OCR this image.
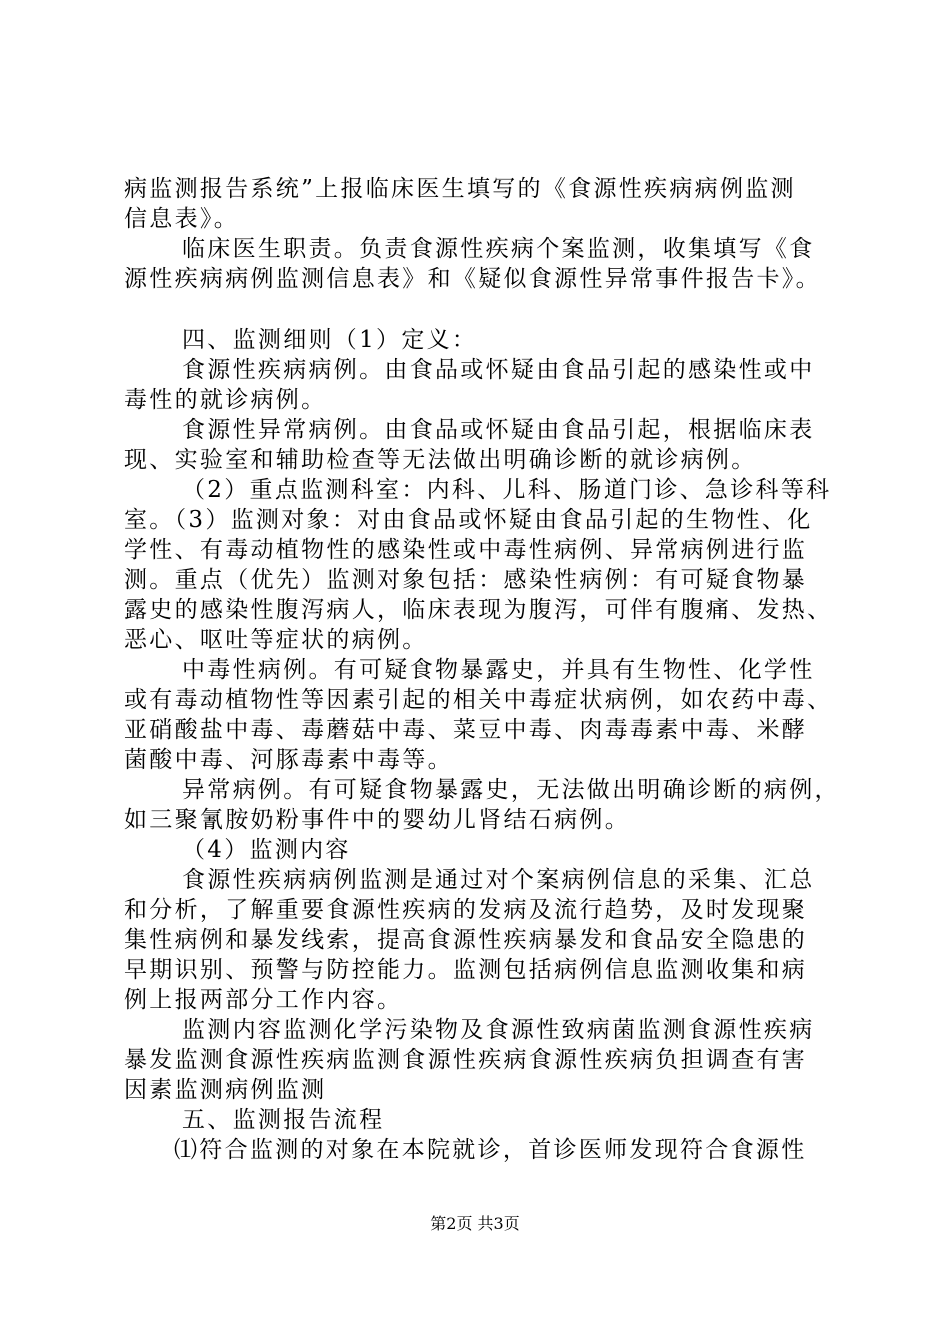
病监测报告系统”上报临床医生填写的《食源性疾病病例监测
信息表》。
临床医生职责。负责食源性疾病个案监测，收集填写《食
源性疾病病例监测信息表》和《疑似食源性异常事件报告卡》。
四、监测细则（1）定义：
食源性疾病病例。由食品或怀疑由食品引起的感染性或中
毒性的就诊病例。
食源性异常病例。由食品或怀疑由食品引起，根据临床表
现、实验室和辅助检查等无法做出明确诊断的就诊病例。
（2）重点监测科室：内科、儿科、肠道门诊、急诊科等科
室。（3）监测对象：对由食品或怀疑由食品引起的生物性、化
学性、有毒动植物性的感染性或中毒性病例、异常病例进行监
测。重点（优先）监测对象包括：感染性病例：有可疑食物暴
露史的感染性腹泻病人，临床表现为腹泻，可伴有腹痛、发热、
恶心、呕吐等症状的病例。
中毒性病例。有可疑食物暴露史，并具有生物性、化学性
或有毒动植物性等因素引起的相关中毒症状病例，如农药中毒、
亚硝酸盐中毒、毒蘑菇中毒、菜豆中毒、肉毒毒素中毒、米酵
菌酸中毒、河豚毒素中毒等。
异常病例。有可疑食物暴露史，无法做出明确诊断的病例，
如三聚氰胺奶粉事件中的婴幼儿肾结石病例。
（4）监测内容
食源性疾病病例监测是通过对个案病例信息的采集、汇总
和分析，了解重要食源性疾病的发病及流行趋势，及时发现聚
集性病例和暴发线索，提高食源性疾病暴发和食品安全隐患的
早期识别、预警与防控能力。监测包括病例信息监测收集和病
例上报两部分工作内容。
监测内容监测化学污染物及食源性致病菌监测食源性疾病
暴发监测食源性疾病监测食源性疾病食源性疾病负担调查有害
因素监测病例监测
五、监测报告流程
⑴符合监测的对象在本院就诊，首诊医师发现符合食源性
第2页 共3页
